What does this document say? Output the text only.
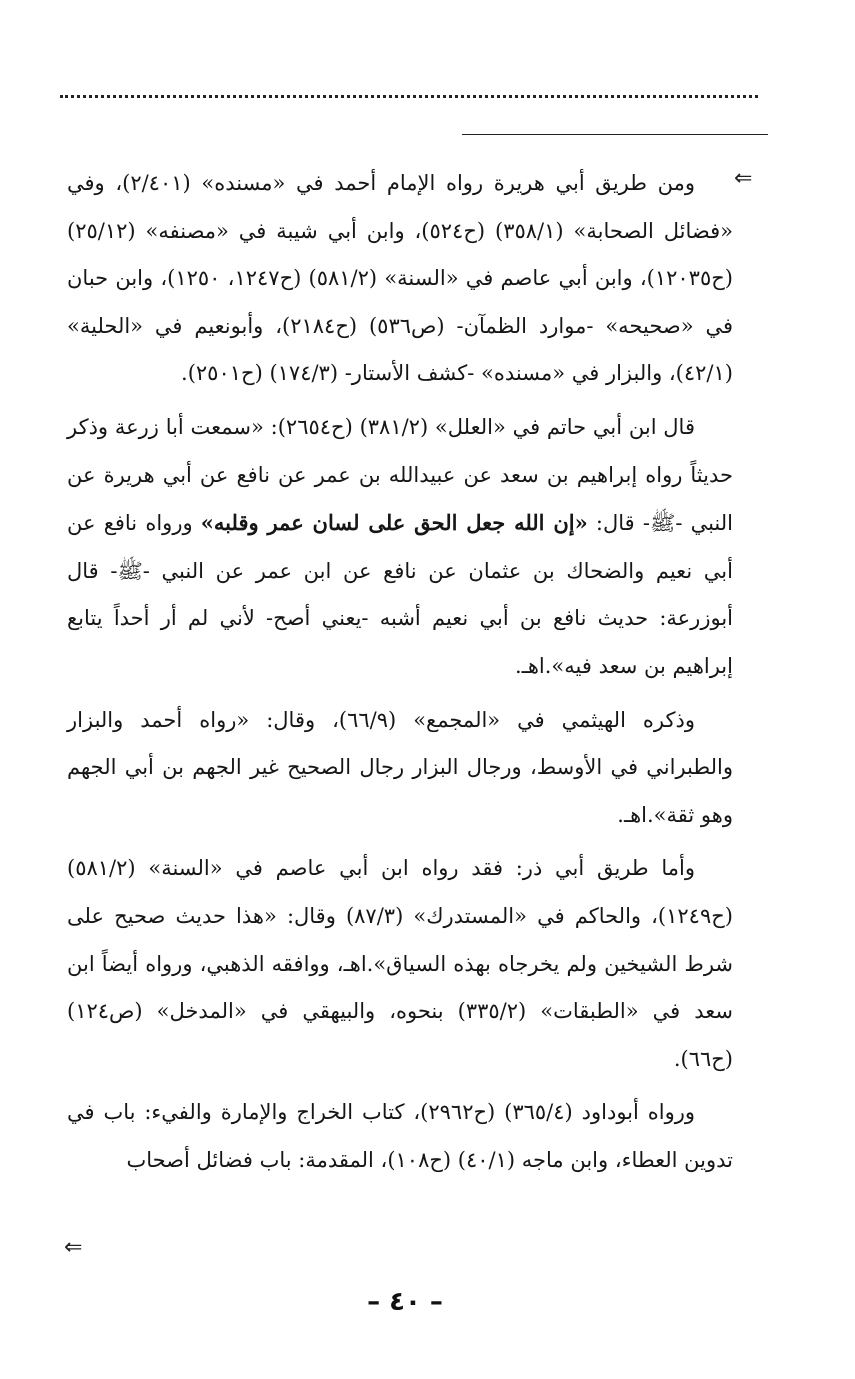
⇐

ومن طريق أبي هريرة رواه الإمام أحمد في «مسنده» (٢/٤٠١)، وفي «فضائل الصحابة» (٣٥٨/١) (ح٥٢٤)، وابن أبي شيبة في «مصنفه» (٢٥/١٢) (ح١٢٠٣٥)، وابن أبي عاصم في «السنة» (٥٨١/٢) (ح١٢٤٧، ١٢٥٠)، وابن حبان في «صحيحه» -موارد الظمآن- (ص٥٣٦) (ح٢١٨٤)، وأبونعيم في «الحلية» (٤٢/١)، والبزار في «مسنده» -كشف الأستار- (١٧٤/٣) (ح٢٥٠١).

قال ابن أبي حاتم في «العلل» (٣٨١/٢) (ح٢٦٥٤): «سمعت أبا زرعة وذكر حديثاً رواه إبراهيم بن سعد عن عبيدالله بن عمر عن نافع عن أبي هريرة عن النبي -ﷺ- قال: «إن الله جعل الحق على لسان عمر وقلبه» ورواه نافع عن أبي نعيم والضحاك بن عثمان عن نافع عن ابن عمر عن النبي -ﷺ- قال أبوزرعة: حديث نافع بن أبي نعيم أشبه -يعني أصح- لأني لم أر أحداً يتابع إبراهيم بن سعد فيه».اهـ.

وذكره الهيثمي في «المجمع» (٦٦/٩)، وقال: «رواه أحمد والبزار والطبراني في الأوسط، ورجال البزار رجال الصحيح غير الجهم بن أبي الجهم وهو ثقة».اهـ.

وأما طريق أبي ذر: فقد رواه ابن أبي عاصم في «السنة» (٥٨١/٢) (ح١٢٤٩)، والحاكم في «المستدرك» (٨٧/٣) وقال: «هذا حديث صحيح على شرط الشيخين ولم يخرجاه بهذه السياق».اهـ، ووافقه الذهبي، ورواه أيضاً ابن سعد في «الطبقات» (٣٣٥/٢) بنحوه، والبيهقي في «المدخل» (ص١٢٤) (ح٦٦).

ورواه أبوداود (٣٦٥/٤) (ح٢٩٦٢)، كتاب الخراج والإمارة والفيء: باب في تدوين العطاء، وابن ماجه (٤٠/١) (ح١٠٨)، المقدمة: باب فضائل أصحاب

⇐
– ٤٠ –
